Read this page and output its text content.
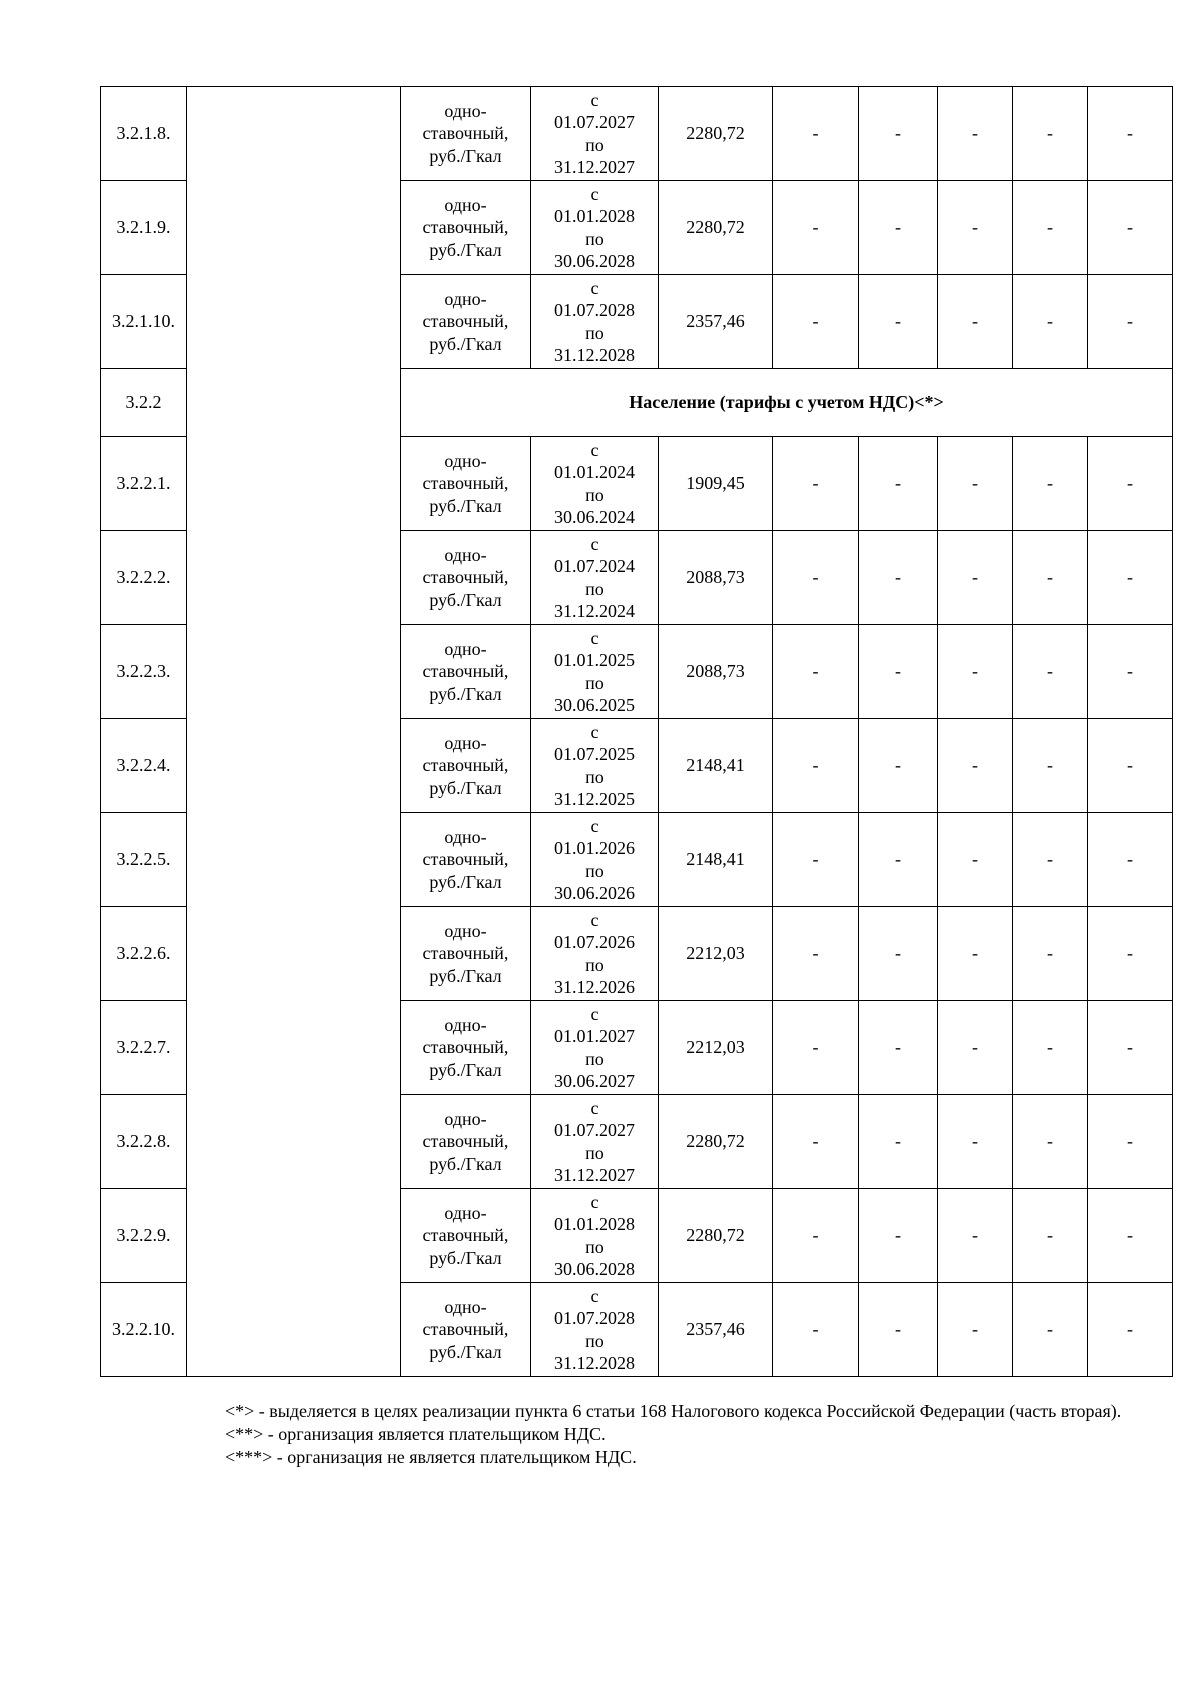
3.2.1.8.		одно-
ставочный,
руб./Гкал	с
01.07.2027
по
31.12.2027	2280,72	-	-	-	-	-
3.2.1.9.		одно-
ставочный,
руб./Гкал	с
01.01.2028
по
30.06.2028	2280,72	-	-	-	-	-
3.2.1.10.		одно-
ставочный,
руб./Гкал	с
01.07.2028
по
31.12.2028	2357,46	-	-	-	-	-
3.2.2		Население (тарифы с учетом НДС)<*>							
3.2.2.1.		одно-
ставочный,
руб./Гкал	с
01.01.2024
по
30.06.2024	1909,45	-	-	-	-	-
3.2.2.2.		одно-
ставочный,
руб./Гкал	с
01.07.2024
по
31.12.2024	2088,73	-	-	-	-	-
3.2.2.3.		одно-
ставочный,
руб./Гкал	с
01.01.2025
по
30.06.2025	2088,73	-	-	-	-	-
3.2.2.4.		одно-
ставочный,
руб./Гкал	с
01.07.2025
по
31.12.2025	2148,41	-	-	-	-	-
3.2.2.5.		одно-
ставочный,
руб./Гкал	с
01.01.2026
по
30.06.2026	2148,41	-	-	-	-	-
3.2.2.6.		одно-
ставочный,
руб./Гкал	с
01.07.2026
по
31.12.2026	2212,03	-	-	-	-	-
3.2.2.7.		одно-
ставочный,
руб./Гкал	с
01.01.2027
по
30.06.2027	2212,03	-	-	-	-	-
3.2.2.8.		одно-
ставочный,
руб./Гкал	с
01.07.2027
по
31.12.2027	2280,72	-	-	-	-	-
3.2.2.9.		одно-
ставочный,
руб./Гкал	с
01.01.2028
по
30.06.2028	2280,72	-	-	-	-	-
3.2.2.10.		одно-
ставочный,
руб./Гкал	с
01.07.2028
по
31.12.2028	2357,46	-	-	-	-	-

<*> - выделяется в целях реализации пункта 6 статьи 168 Налогового кодекса Российской Федерации (часть вторая).

<**> - организация является плательщиком НДС.

<***> - организация не является плательщиком НДС.
